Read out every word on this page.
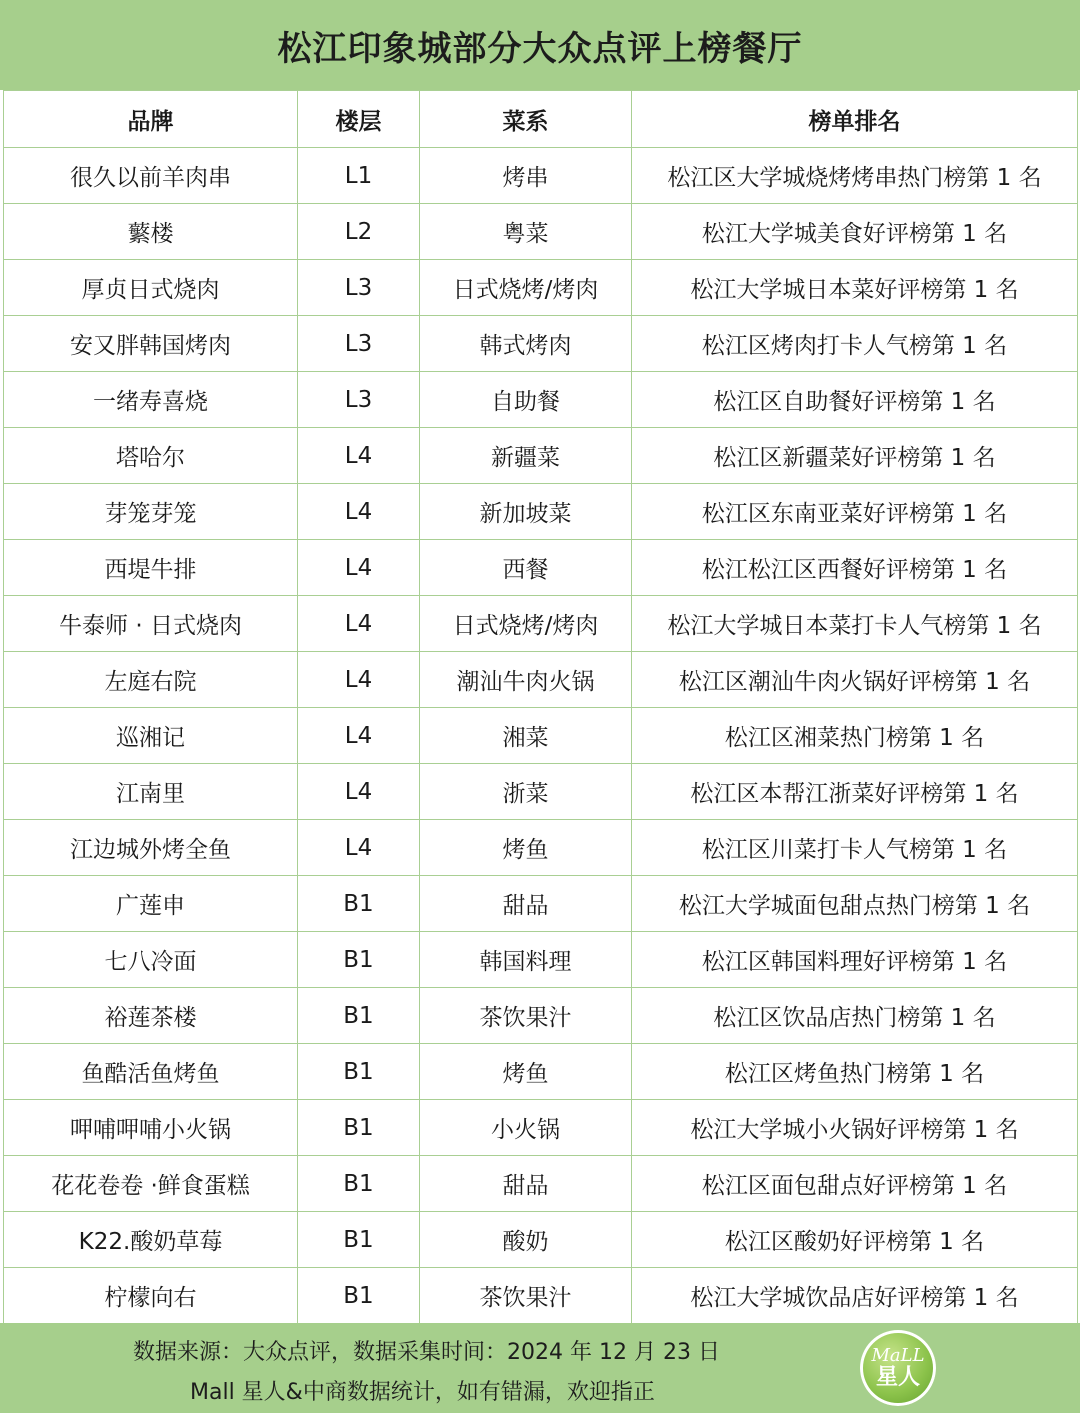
松江印象城部分大众点评上榜餐厅
品牌	楼层	菜系	榜单排名
很久以前羊肉串	L1	烤串	松江区大学城烧烤烤串热门榜第 1 名
蘩楼	L2	粤菜	松江大学城美食好评榜第 1 名
厚贞日式烧肉	L3	日式烧烤/烤肉	松江大学城日本菜好评榜第 1 名
安又胖韩国烤肉	L3	韩式烤肉	松江区烤肉打卡人气榜第 1 名
一绪寿喜烧	L3	自助餐	松江区自助餐好评榜第 1 名
塔哈尔	L4	新疆菜	松江区新疆菜好评榜第 1 名
芽笼芽笼	L4	新加坡菜	松江区东南亚菜好评榜第 1 名
西堤牛排	L4	西餐	松江松江区西餐好评榜第 1 名
牛泰师 · 日式烧肉	L4	日式烧烤/烤肉	松江大学城日本菜打卡人气榜第 1 名
左庭右院	L4	潮汕牛肉火锅	松江区潮汕牛肉火锅好评榜第 1 名
巡湘记	L4	湘菜	松江区湘菜热门榜第 1 名
江南里	L4	浙菜	松江区本帮江浙菜好评榜第 1 名
江边城外烤全鱼	L4	烤鱼	松江区川菜打卡人气榜第 1 名
广莲申	B1	甜品	松江大学城面包甜点热门榜第 1 名
七八冷面	B1	韩国料理	松江区韩国料理好评榜第 1 名
裕莲茶楼	B1	茶饮果汁	松江区饮品店热门榜第 1 名
鱼酷活鱼烤鱼	B1	烤鱼	松江区烤鱼热门榜第 1 名
呷哺呷哺小火锅	B1	小火锅	松江大学城小火锅好评榜第 1 名
花花卷卷 ·鲜食蛋糕	B1	甜品	松江区面包甜点好评榜第 1 名
K22.酸奶草莓	B1	酸奶	松江区酸奶好评榜第 1 名
柠檬向右	B1	茶饮果汁	松江大学城饮品店好评榜第 1 名
数据来源：大众点评，数据采集时间：2024 年 12 月 23 日
Mall 星人&中商数据统计，如有错漏，欢迎指正
MaLL
星人
